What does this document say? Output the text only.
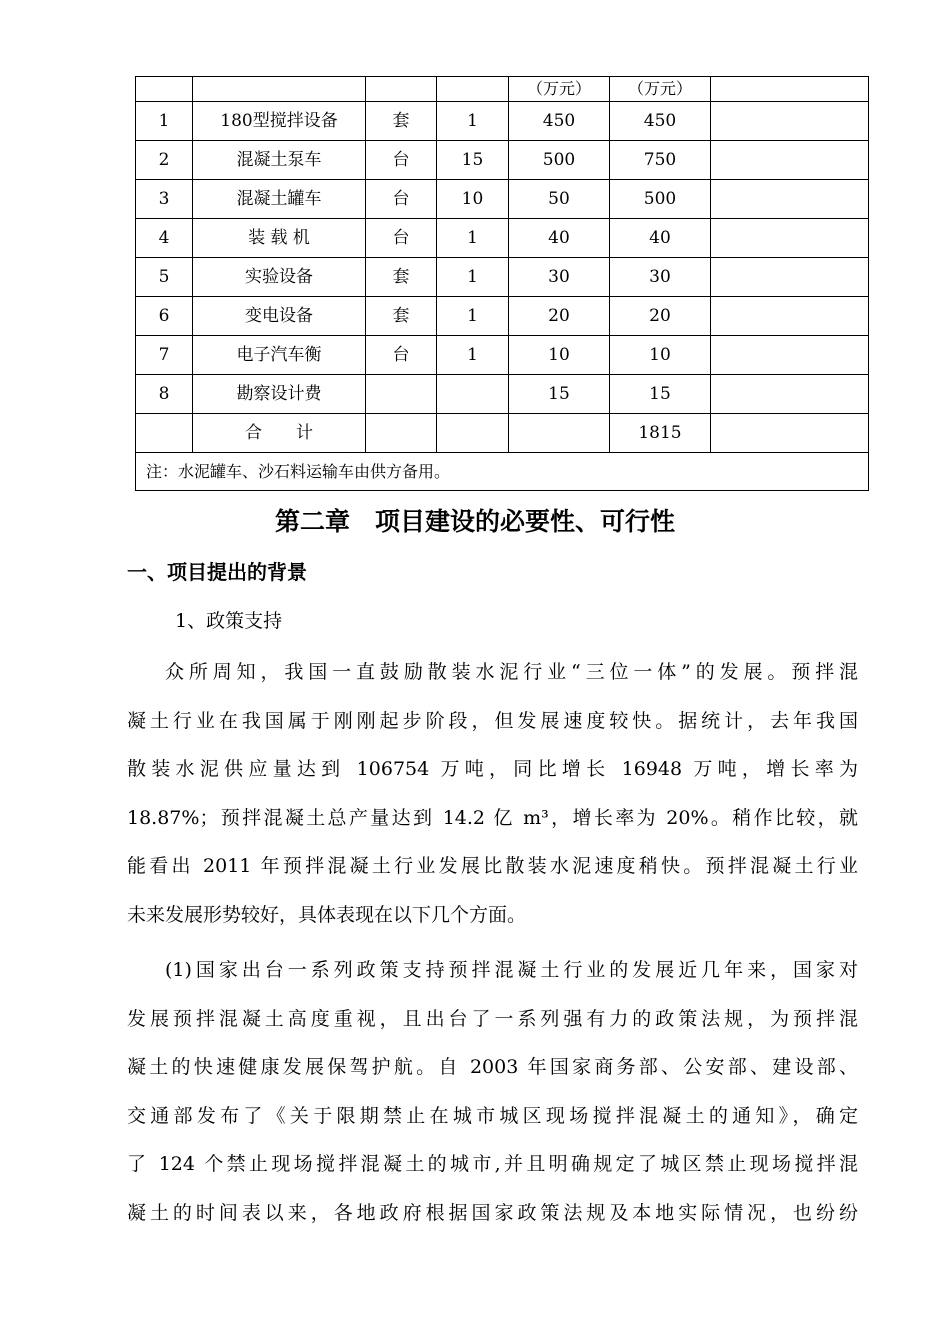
				（万元）	（万元）	
1	180型搅拌设备	套	1	450	450	
2	混凝土泵车	台	15	500	750	
3	混凝土罐车	台	10	50	500	
4	装 载 机	台	1	40	40	
5	实验设备	套	1	30	30	
6	变电设备	套	1	20	20	
7	电子汽车衡	台	1	10	10	
8	勘察设计费			15	15	
	合　　计				1815	
注：水泥罐车、沙石料运输车由供方备用。						
第二章　项目建设的必要性、可行性
一、项目提出的背景
1、政策支持
众所周知，我国一直鼓励散装水泥行业“三位一体”的发展。预拌混
凝土行业在我国属于刚刚起步阶段，但发展速度较快。据统计，去年我国
散装水泥供应量达到 106754 万吨，同比增长 16948 万吨，增长率为
18.87%；预拌混凝土总产量达到 14.2 亿 m³，增长率为 20%。稍作比较，就
能看出 2011 年预拌混凝土行业发展比散装水泥速度稍快。预拌混凝土行业
未来发展形势较好，具体表现在以下几个方面。
(1)国家出台一系列政策支持预拌混凝土行业的发展近几年来，国家对
发展预拌混凝土高度重视，且出台了一系列强有力的政策法规，为预拌混
凝土的快速健康发展保驾护航。自 2003 年国家商务部、公安部、建设部、
交通部发布了《关于限期禁止在城市城区现场搅拌混凝土的通知》，确定
了 124 个禁止现场搅拌混凝土的城市,并且明确规定了城区禁止现场搅拌混
凝土的时间表以来，各地政府根据国家政策法规及本地实际情况，也纷纷
